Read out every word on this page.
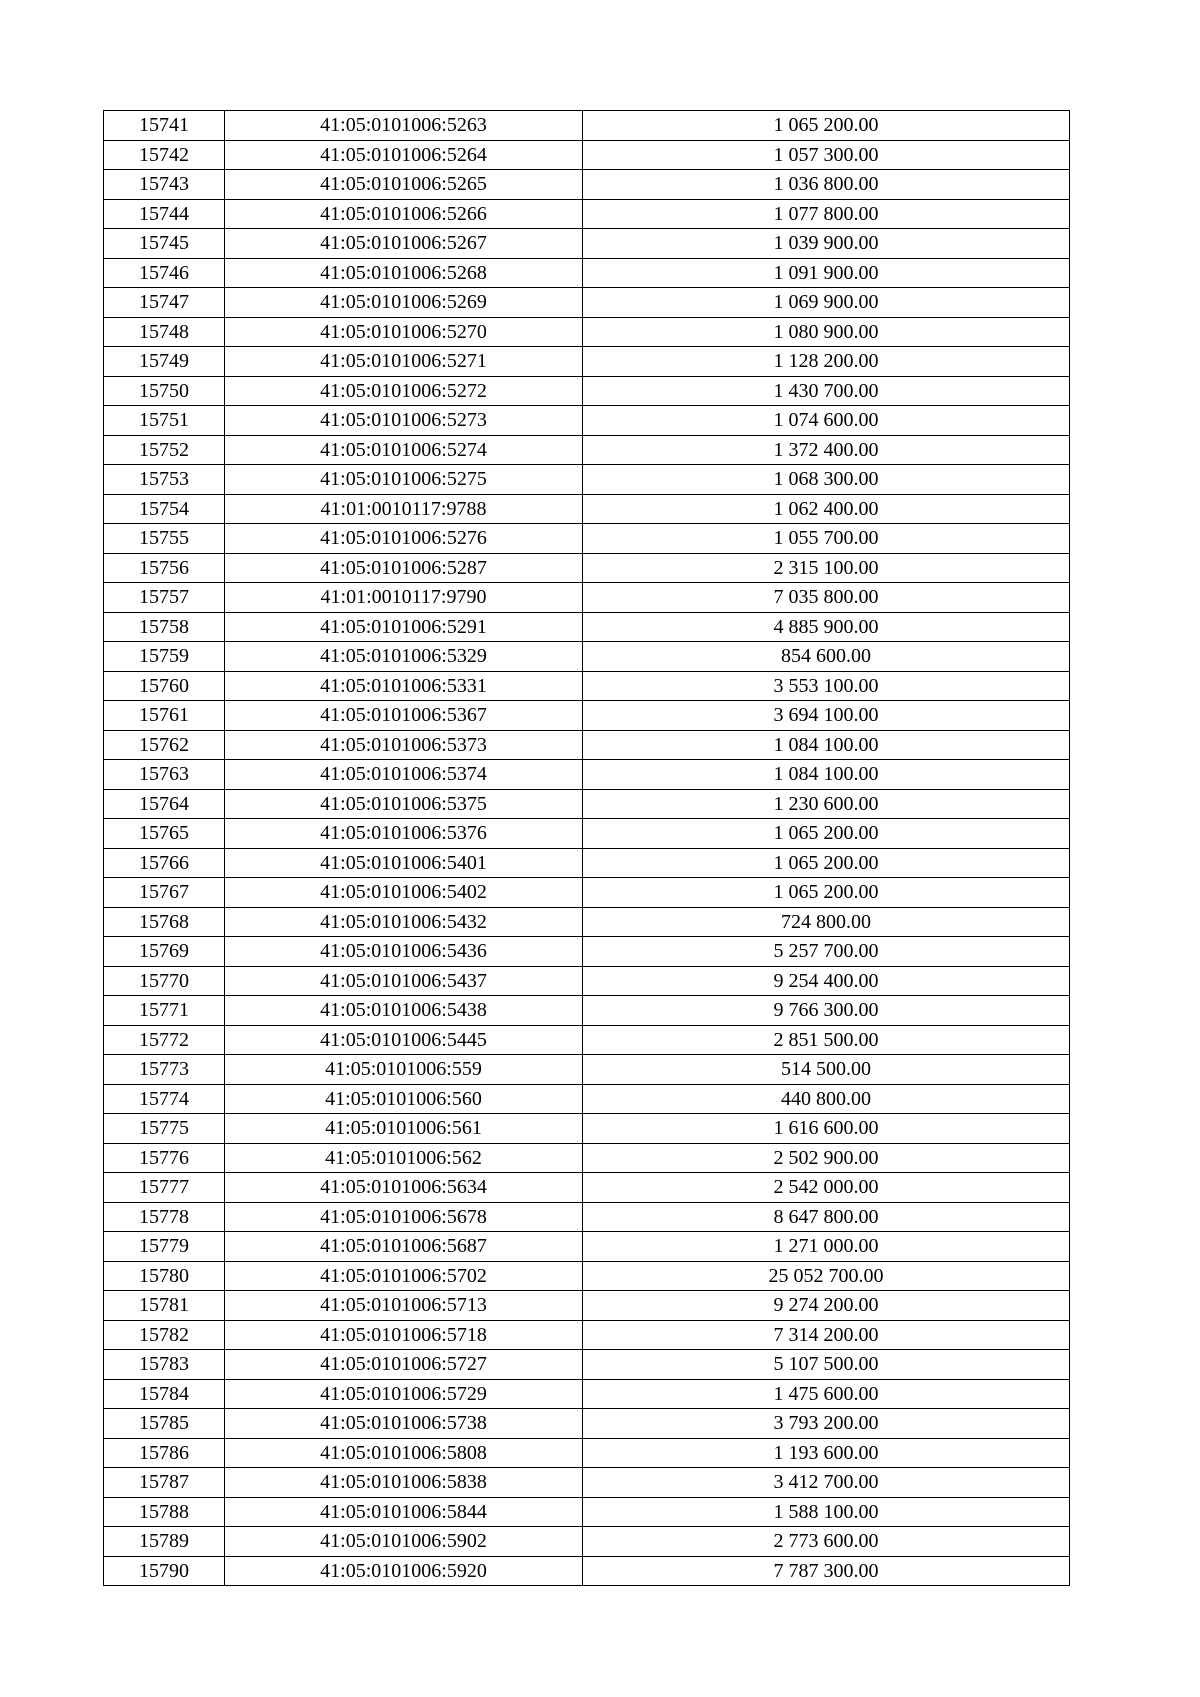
15741	41:05:0101006:5263	1 065 200.00
15742	41:05:0101006:5264	1 057 300.00
15743	41:05:0101006:5265	1 036 800.00
15744	41:05:0101006:5266	1 077 800.00
15745	41:05:0101006:5267	1 039 900.00
15746	41:05:0101006:5268	1 091 900.00
15747	41:05:0101006:5269	1 069 900.00
15748	41:05:0101006:5270	1 080 900.00
15749	41:05:0101006:5271	1 128 200.00
15750	41:05:0101006:5272	1 430 700.00
15751	41:05:0101006:5273	1 074 600.00
15752	41:05:0101006:5274	1 372 400.00
15753	41:05:0101006:5275	1 068 300.00
15754	41:01:0010117:9788	1 062 400.00
15755	41:05:0101006:5276	1 055 700.00
15756	41:05:0101006:5287	2 315 100.00
15757	41:01:0010117:9790	7 035 800.00
15758	41:05:0101006:5291	4 885 900.00
15759	41:05:0101006:5329	854 600.00
15760	41:05:0101006:5331	3 553 100.00
15761	41:05:0101006:5367	3 694 100.00
15762	41:05:0101006:5373	1 084 100.00
15763	41:05:0101006:5374	1 084 100.00
15764	41:05:0101006:5375	1 230 600.00
15765	41:05:0101006:5376	1 065 200.00
15766	41:05:0101006:5401	1 065 200.00
15767	41:05:0101006:5402	1 065 200.00
15768	41:05:0101006:5432	724 800.00
15769	41:05:0101006:5436	5 257 700.00
15770	41:05:0101006:5437	9 254 400.00
15771	41:05:0101006:5438	9 766 300.00
15772	41:05:0101006:5445	2 851 500.00
15773	41:05:0101006:559	514 500.00
15774	41:05:0101006:560	440 800.00
15775	41:05:0101006:561	1 616 600.00
15776	41:05:0101006:562	2 502 900.00
15777	41:05:0101006:5634	2 542 000.00
15778	41:05:0101006:5678	8 647 800.00
15779	41:05:0101006:5687	1 271 000.00
15780	41:05:0101006:5702	25 052 700.00
15781	41:05:0101006:5713	9 274 200.00
15782	41:05:0101006:5718	7 314 200.00
15783	41:05:0101006:5727	5 107 500.00
15784	41:05:0101006:5729	1 475 600.00
15785	41:05:0101006:5738	3 793 200.00
15786	41:05:0101006:5808	1 193 600.00
15787	41:05:0101006:5838	3 412 700.00
15788	41:05:0101006:5844	1 588 100.00
15789	41:05:0101006:5902	2 773 600.00
15790	41:05:0101006:5920	7 787 300.00
